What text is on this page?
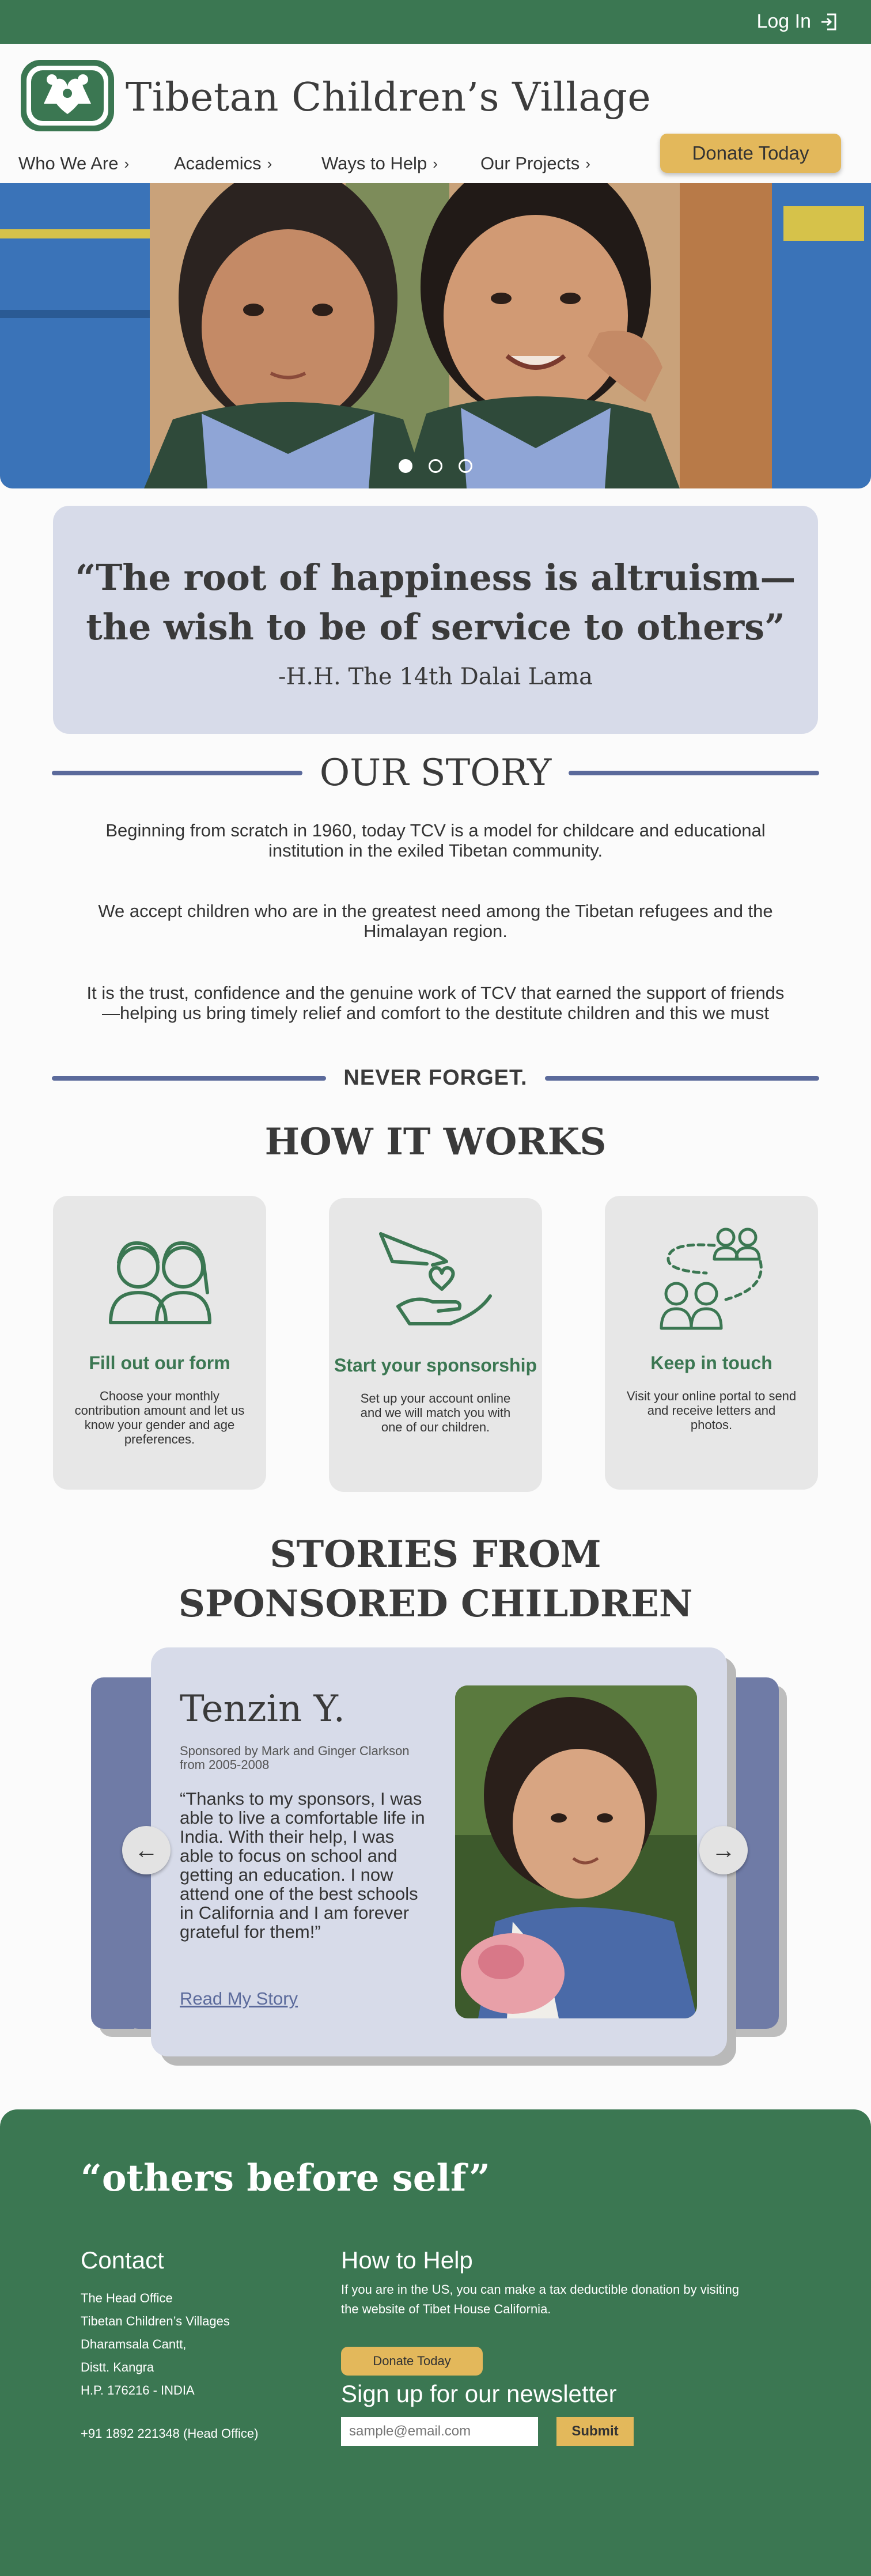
Log In
Tibetan Children’s Village
Who We Are ›	Academics ›	Ways to Help › Our Projects ›	Donate Today
“The root of happiness is altruism—
the wish to be of service to others”
-H.H. The 14th Dalai Lama
OUR STORY
Beginning from scratch in 1960, today TCV is a model for childcare and educational institution in the exiled Tibetan community.
We accept children who are in the greatest need among the Tibetan refugees and the Himalayan region.
It is the trust, confidence and the genuine work of TCV that earned the support of friends—helping us bring timely relief and comfort to the destitute children and this we must
NEVER FORGET.
HOW IT WORKS
Fill out our form
Choose your monthly contribution amount and let us know your gender and age preferences.
Start your sponsorship
Set up your account online and we will match you with one of our children.
Keep in touch
Visit your online portal to send and receive letters and photos.
STORIES FROM
SPONSORED CHILDREN
Tenzin Y.
Sponsored by Mark and Ginger Clarkson from 2005-2008
“Thanks to my sponsors, I was able to live a comfortable life in India. With their help, I was able to focus on school and getting an education. I now attend one of the best schools in California and I am forever grateful for them!”
Read My Story
←	→
“others before self”
Contact
The Head Office
Tibetan Children’s Villages
Dharamsala Cantt,
Distt. Kangra
H.P. 176216 - INDIA
+91 1892 221348 (Head Office)
How to Help
If you are in the US, you can make a tax deductible donation by visiting the website of Tibet House California.
Donate Today
Sign up for our newsletter
sample@email.com
Submit
